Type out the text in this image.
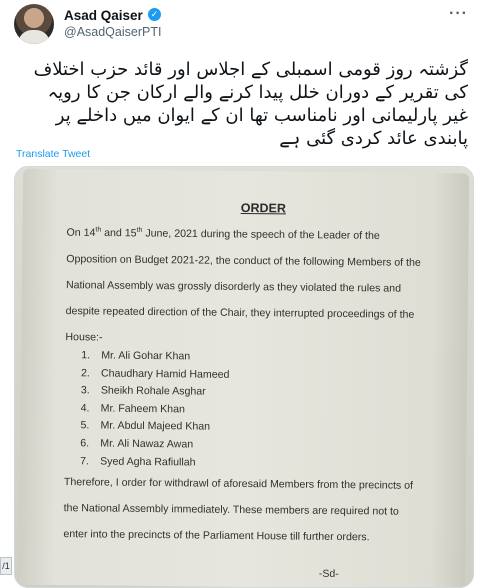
Asad Qaiser ✓
@AsadQaiserPTI
···
گزشتہ روز قومی اسمبلی کے اجلاس اور قائد حزب اختلاف
کی تقریر کے دوران خلل پیدا کرنے والے ارکان جن کا رویہ
غیر پارلیمانی اور نامناسب تھا ان کے ایوان میں داخلے پر
پابندی عائد کردی گئی ہے
Translate Tweet
ORDER
On 14th and 15th June, 2021 during the speech of the Leader of the Opposition on Budget 2021-22, the conduct of the following Members of the National Assembly was grossly disorderly as they violated the rules and despite repeated direction of the Chair, they interrupted proceedings of the House:-
1. Mr. Ali Gohar Khan
2. Chaudhary Hamid Hameed
3. Sheikh Rohale Asghar
4. Mr. Faheem Khan
5. Mr. Abdul Majeed Khan
6. Mr. Ali Nawaz Awan
7. Syed Agha Rafiullah
Therefore, I order for withdrawl of aforesaid Members from the precincts of the National Assembly immediately. These members are required not to enter into the precincts of the Parliament House till further orders.
-Sd-
/1
